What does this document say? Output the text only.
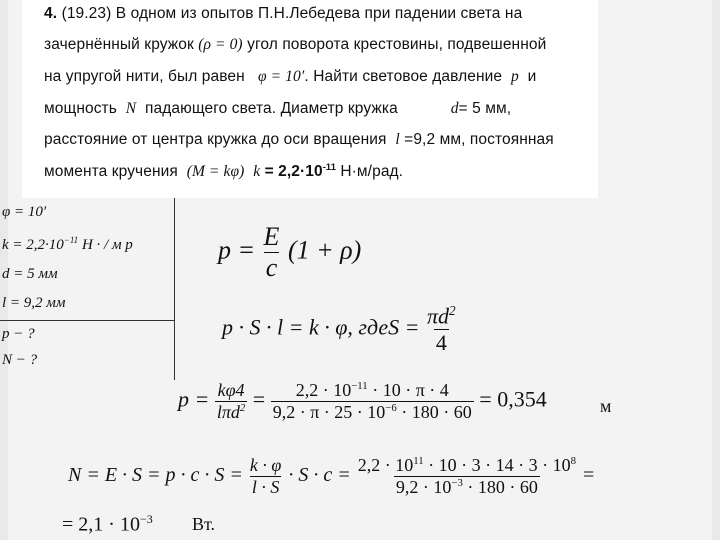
4. (19.23) В одном из опытов П.Н.Лебедева при падении света на
зачернённый кружок (ρ = 0) угол поворота крестовины, подвешенной
на упругой нити, был равен φ = 10′. Найти световое давление p и
мощность N падающего света. Диаметр кружка	d= 5 мм,
расстояние от центра кружка до оси вращения l =9,2 мм, постоянная
момента кручения (M = kφ) $k = 2,2\cdot 10^{-11}$ Н·м/рад.
φ = 10′
$k = 2,2\cdot 10^{-11}$ H · / м p
d = 5 мм
l = 9,2 мм
p − ?
N − ?
$p = \frac{E}{c} (1 + \rho)$
p · S · l = k · φ, гдеS = $\frac{\pi d^2}{4}$
$p = \frac{k\varphi 4}{l\pi d^2} = \frac{2,2 \cdot 10^{-11} \cdot 10 \cdot \pi \cdot 4}{9,2 \cdot \pi \cdot 25 \cdot 10^{-6} \cdot 180 \cdot 60} = 0,354$	м
$N = E \cdot S = p \cdot c \cdot S = \frac{k \cdot \varphi}{l \cdot S} \cdot S \cdot c = \frac{2,2 \cdot 10^{11} \cdot 10 \cdot 3 \cdot 14 \cdot 3 \cdot 10^8}{9,2 \cdot 10^{-3} \cdot 180 \cdot 60}$ =
= $2,1 \cdot 10^{-3}$ Вт.
